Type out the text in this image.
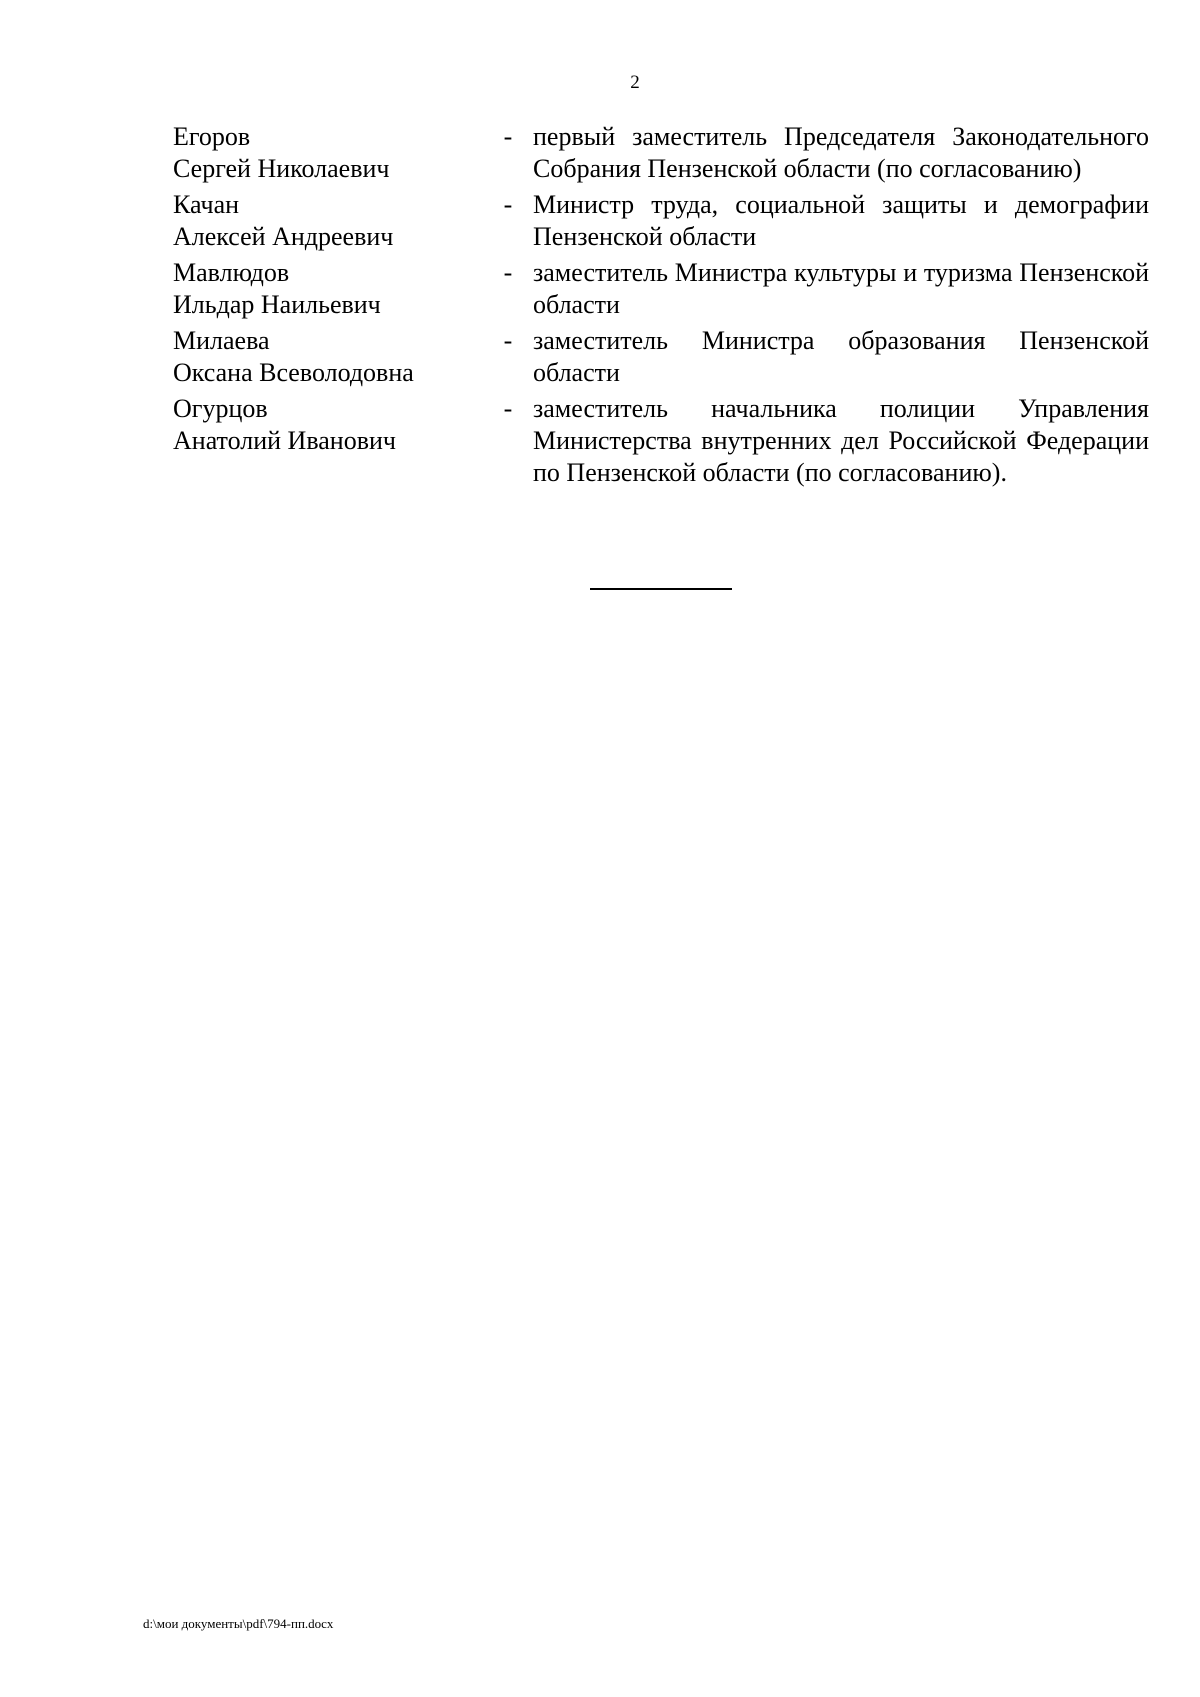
2
Егоров
Сергей Николаевич
- первый заместитель Председателя Законодательного Собрания Пензенской области (по согласованию)
Качан
Алексей Андреевич
- Министр труда, социальной защиты и демографии Пензенской области
Мавлюдов
Ильдар Наильевич
- заместитель Министра культуры и туризма Пензенской области
Милаева
Оксана Всеволодовна
- заместитель Министра образования Пензенской области
Огурцов
Анатолий Иванович
- заместитель начальника полиции Управления Министерства внутренних дел Российской Федерации по Пензенской области (по согласованию).
d:\мои документы\pdf\794-пп.docx
